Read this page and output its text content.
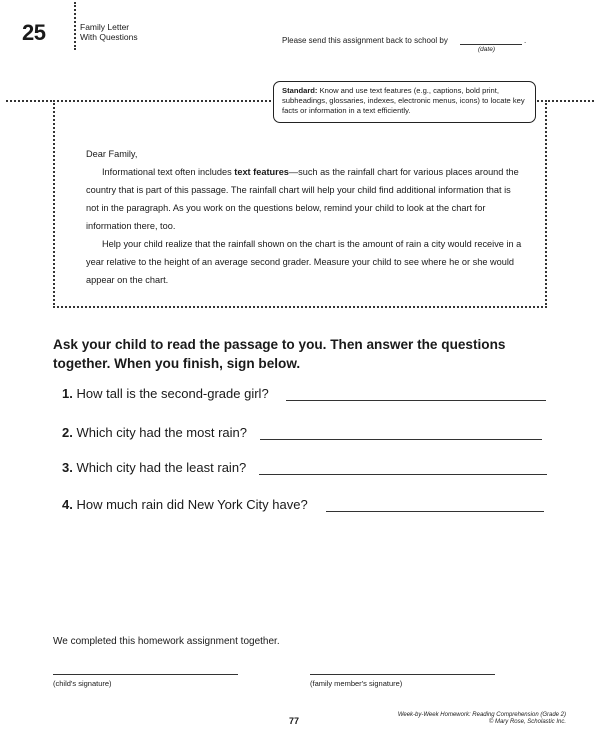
25	Family Letter
With Questions	Please send this assignment back to school by	.
(date)
Standard: Know and use text features (e.g., captions, bold print, subheadings, glossaries, indexes, electronic menus, icons) to locate key facts or information in a text efficiently.

Dear Family,

Informational text often includes text features—such as the rainfall chart for various places around the country that is part of this passage. The rainfall chart will help your child find additional information that is not in the paragraph. As you work on the questions below, remind your child to look at the chart for information there, too.

Help your child realize that the rainfall shown on the chart is the amount of rain a city would receive in a year relative to the height of an average second grader. Measure your child to see where he or she would appear on the chart.

Ask your child to read the passage to you. Then answer the questions together. When you finish, sign below.
1. How tall is the second-grade girl?
2. Which city had the most rain?
3. Which city had the least rain?
4. How much rain did New York City have?
We completed this homework assignment together.
(child's signature)	(family member's signature)
77
Week-by-Week Homework: Reading Comprehension (Grade 2)
© Mary Rose, Scholastic Inc.
